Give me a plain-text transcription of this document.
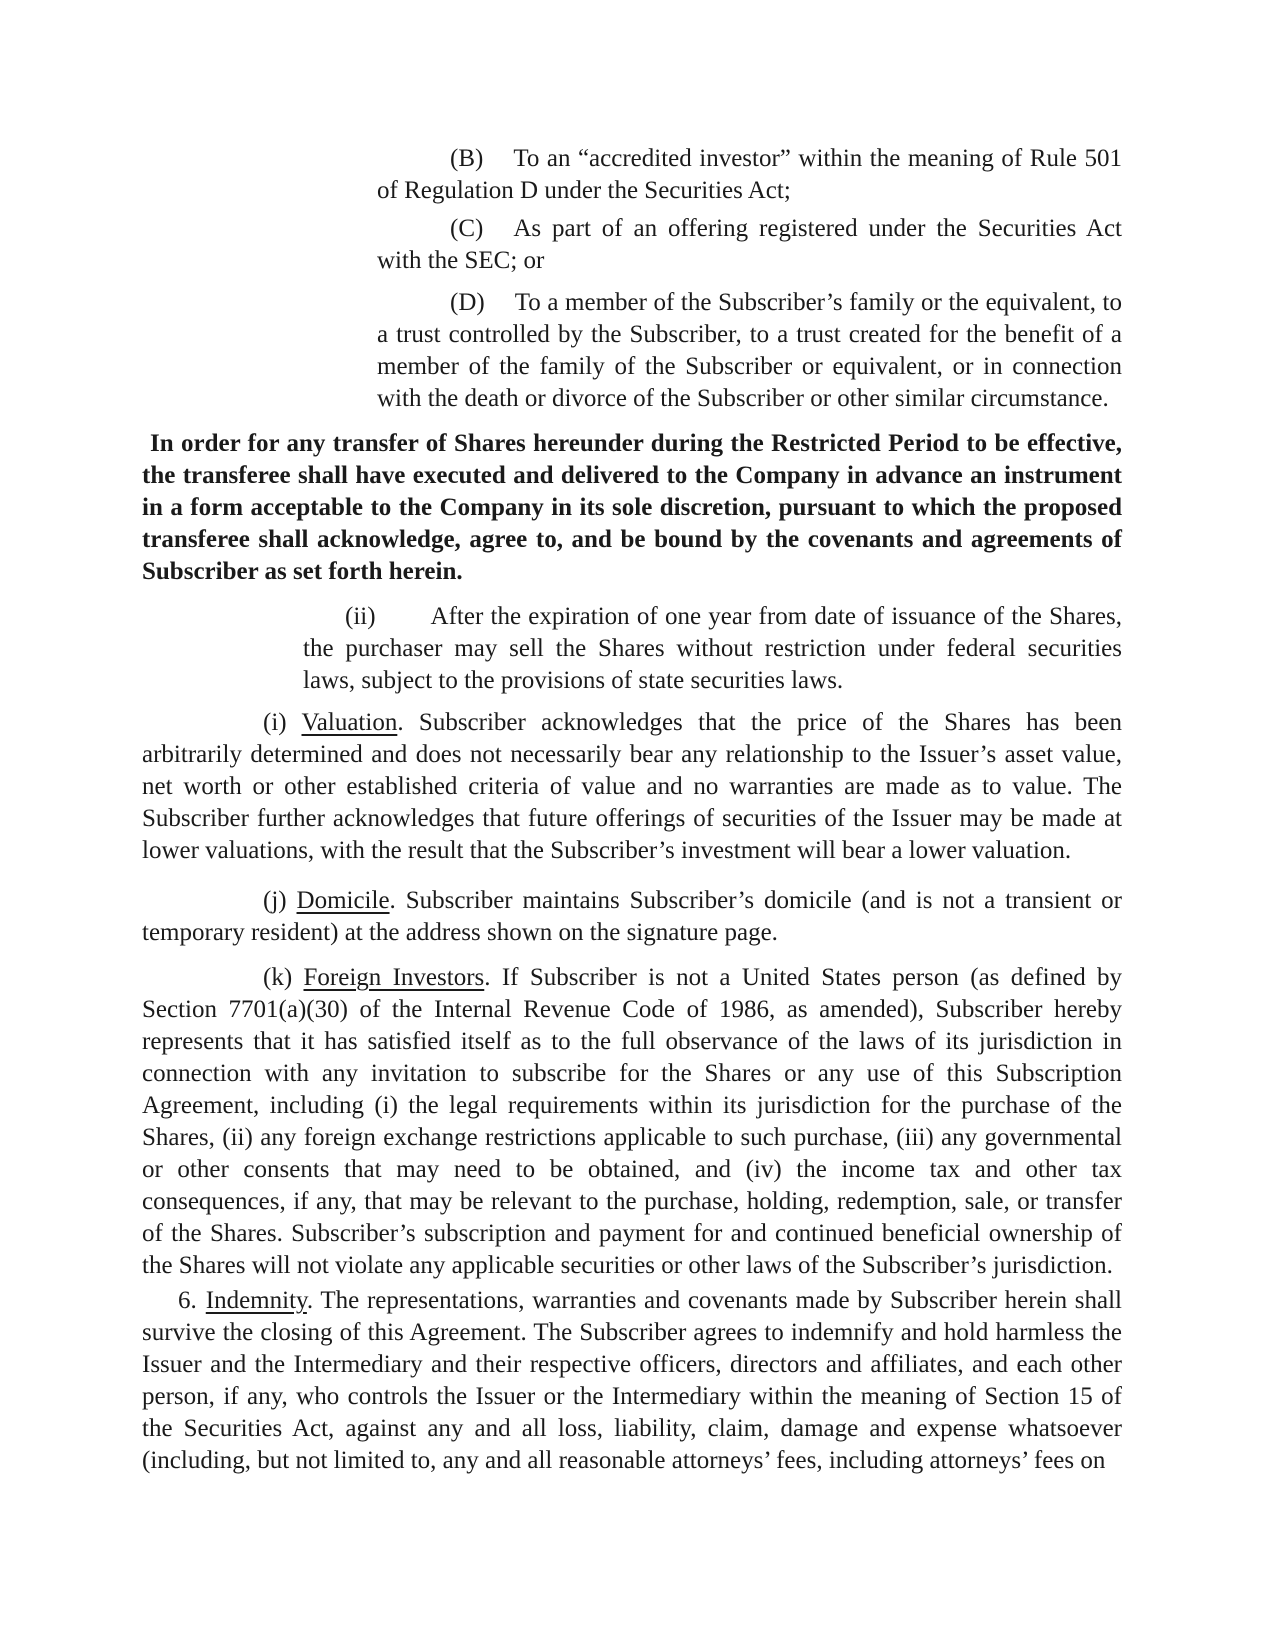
(B) To an “accredited investor” within the meaning of Rule 501 of Regulation D under the Securities Act;

(C) As part of an offering registered under the Securities Act with the SEC; or

(D) To a member of the Subscriber’s family or the equivalent, to a trust controlled by the Subscriber, to a trust created for the benefit of a member of the family of the Subscriber or equivalent, or in connection with the death or divorce of the Subscriber or other similar circumstance.

In order for any transfer of Shares hereunder during the Restricted Period to be effective, the transferee shall have executed and delivered to the Company in advance an instrument in a form acceptable to the Company in its sole discretion, pursuant to which the proposed transferee shall acknowledge, agree to, and be bound by the covenants and agreements of Subscriber as set forth herein.

(ii) After the expiration of one year from date of issuance of the Shares, the purchaser may sell the Shares without restriction under federal securities laws, subject to the provisions of state securities laws.

(i) Valuation. Subscriber acknowledges that the price of the Shares has been arbitrarily determined and does not necessarily bear any relationship to the Issuer’s asset value, net worth or other established criteria of value and no warranties are made as to value. The Subscriber further acknowledges that future offerings of securities of the Issuer may be made at lower valuations, with the result that the Subscriber’s investment will bear a lower valuation.

(j) Domicile. Subscriber maintains Subscriber’s domicile (and is not a transient or temporary resident) at the address shown on the signature page.

(k) Foreign Investors. If Subscriber is not a United States person (as defined by Section 7701(a)(30) of the Internal Revenue Code of 1986, as amended), Subscriber hereby represents that it has satisfied itself as to the full observance of the laws of its jurisdiction in connection with any invitation to subscribe for the Shares or any use of this Subscription Agreement, including (i) the legal requirements within its jurisdiction for the purchase of the Shares, (ii) any foreign exchange restrictions applicable to such purchase, (iii) any governmental or other consents that may need to be obtained, and (iv) the income tax and other tax consequences, if any, that may be relevant to the purchase, holding, redemption, sale, or transfer of the Shares. Subscriber’s subscription and payment for and continued beneficial ownership of the Shares will not violate any applicable securities or other laws of the Subscriber’s jurisdiction.

6. Indemnity. The representations, warranties and covenants made by Subscriber herein shall survive the closing of this Agreement. The Subscriber agrees to indemnify and hold harmless the Issuer and the Intermediary and their respective officers, directors and affiliates, and each other person, if any, who controls the Issuer or the Intermediary within the meaning of Section 15 of the Securities Act, against any and all loss, liability, claim, damage and expense whatsoever (including, but not limited to, any and all reasonable attorneys’ fees, including attorneys’ fees on
